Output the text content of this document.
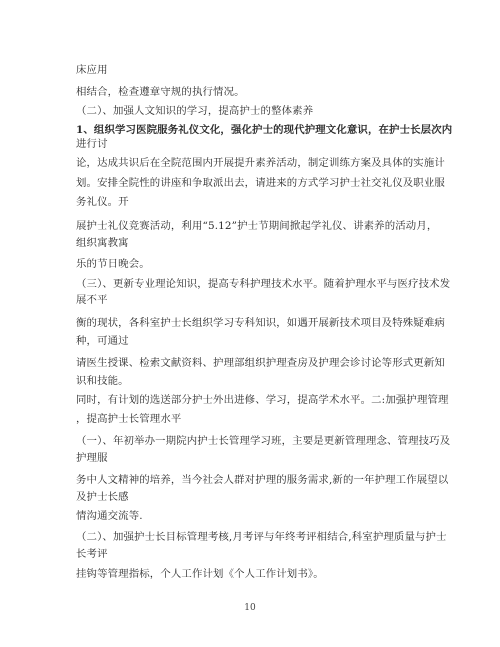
床应用

相结合，检查遵章守规的执行情况。

（二）、加强人文知识的学习，提高护士的整体素养

1、组织学习医院服务礼仪文化，强化护士的现代护理文化意识，在护士长层次内

进行讨

论，达成共识后在全院范围内开展提升素养活动，制定训练方案及具体的实施计

划。安排全院性的讲座和争取派出去，请进来的方式学习护士社交礼仪及职业服

务礼仪。开

展护士礼仪竞赛活动，利用“5.12”护士节期间掀起学礼仪、讲素养的活动月，

组织寓教寓

乐的节日晚会。

（三）、更新专业理论知识，提高专科护理技术水平。随着护理水平与医疗技术发

展不平

衡的现状，各科室护士长组织学习专科知识，如遇开展新技术项目及特殊疑难病

种，可通过

请医生授课、检索文献资料、护理部组织护理查房及护理会诊讨论等形式更新知

识和技能。

同时，有计划的选送部分护士外出进修、学习，提高学术水平。二:加强护理管理

，提高护士长管理水平

（一）、年初举办一期院内护士长管理学习班，主要是更新管理理念、管理技巧及

护理服

务中人文精神的培养，当今社会人群对护理的服务需求,新的一年护理工作展望以

及护士长感

情沟通交流等.

（二）、加强护士长目标管理考核,月考评与年终考评相结合,科室护理质量与护士

长考评

挂钩等管理指标，个人工作计划《个人工作计划书》。

10
